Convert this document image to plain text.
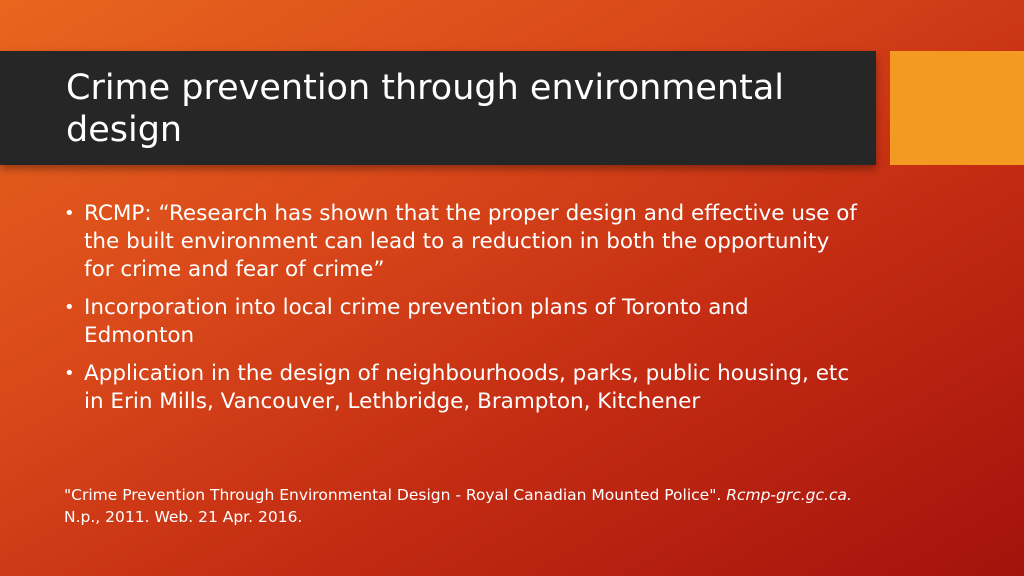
Crime prevention through environmental design
• RCMP: “Research has shown that the proper design and effective use of the built environment can lead to a reduction in both the opportunity for crime and fear of crime”
• Incorporation into local crime prevention plans of Toronto and Edmonton
• Application in the design of neighbourhoods, parks, public housing, etc in Erin Mills, Vancouver, Lethbridge, Brampton, Kitchener
"Crime Prevention Through Environmental Design - Royal Canadian Mounted Police". Rcmp-grc.gc.ca. N.p., 2011. Web. 21 Apr. 2016.
